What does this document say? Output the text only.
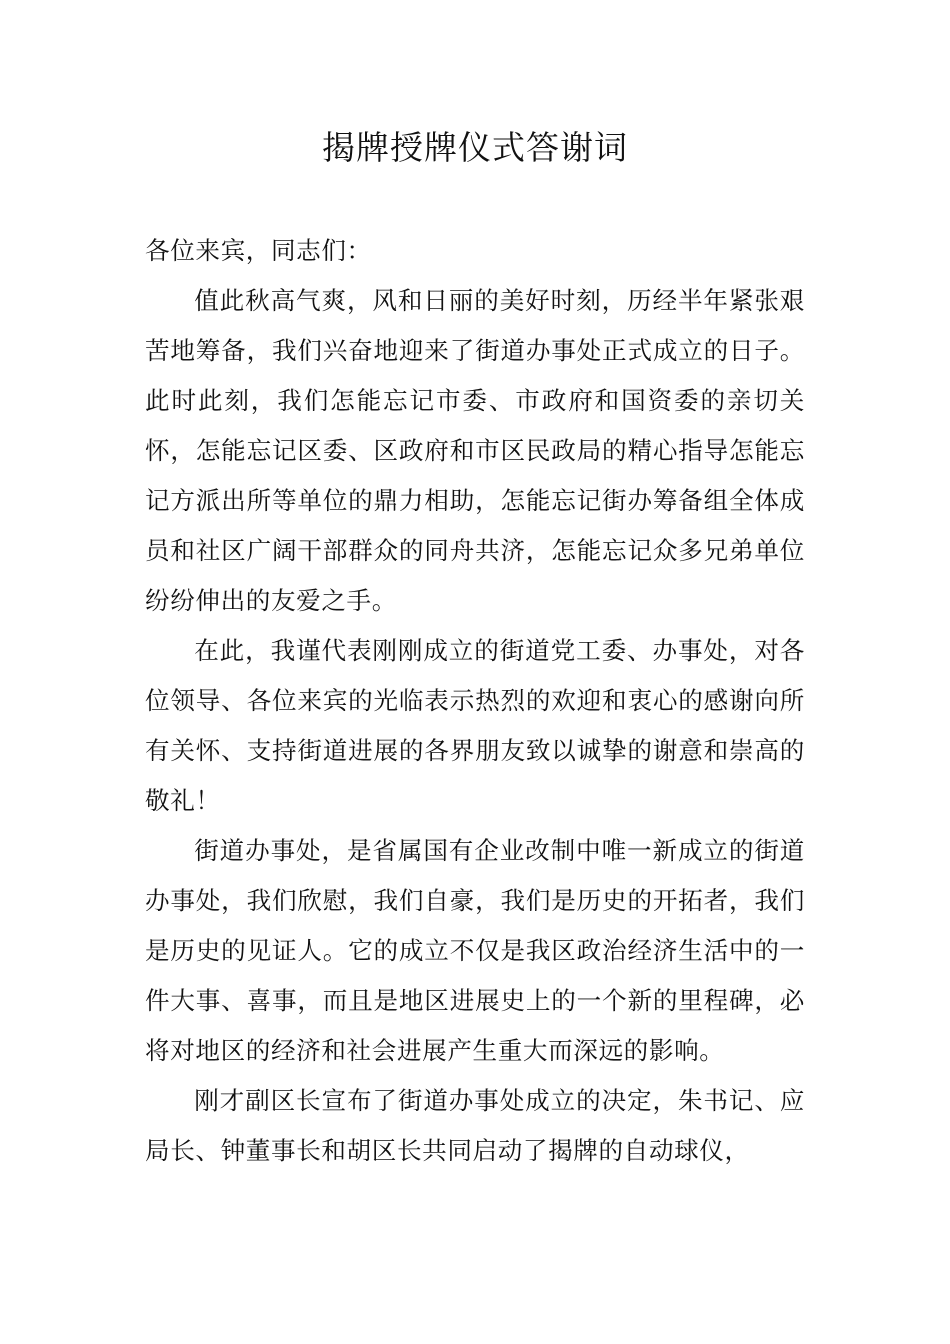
揭牌授牌仪式答谢词

各位来宾，同志们：

值此秋高气爽，风和日丽的美好时刻，历经半年紧张艰苦地筹备，我们兴奋地迎来了街道办事处正式成立的日子。此时此刻，我们怎能忘记市委、市政府和国资委的亲切关怀，怎能忘记区委、区政府和市区民政局的精心指导怎能忘记方派出所等单位的鼎力相助，怎能忘记街办筹备组全体成员和社区广阔干部群众的同舟共济，怎能忘记众多兄弟单位纷纷伸出的友爱之手。

在此，我谨代表刚刚成立的街道党工委、办事处，对各位领导、各位来宾的光临表示热烈的欢迎和衷心的感谢向所有关怀、支持街道进展的各界朋友致以诚挚的谢意和崇高的敬礼！

街道办事处，是省属国有企业改制中唯一新成立的街道办事处，我们欣慰，我们自豪，我们是历史的开拓者，我们是历史的见证人。它的成立不仅是我区政治经济生活中的一件大事、喜事，而且是地区进展史上的一个新的里程碑，必将对地区的经济和社会进展产生重大而深远的影响。

刚才副区长宣布了街道办事处成立的决定，朱书记、应局长、钟董事长和胡区长共同启动了揭牌的自动球仪，
